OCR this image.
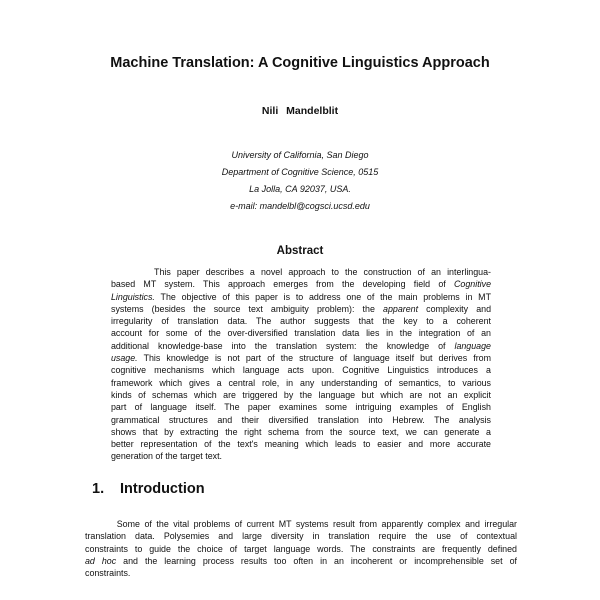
Machine Translation: A Cognitive Linguistics Approach
Nili Mandelblit
University of California, San Diego
Department of Cognitive Science, 0515
La Jolla, CA 92037, USA.
e-mail: mandelbl@cogsci.ucsd.edu
Abstract
This paper describes a novel approach to the construction of an interlingua-
based MT system. This approach emerges from the developing field of Cognitive
Linguistics. The objective of this paper is to address one of the main problems in MT
systems (besides the source text ambiguity problem): the apparent complexity and
irregularity of translation data. The author suggests that the key to a coherent
account for some of the over-diversified translation data lies in the integration of an
additional knowledge-base into the translation system: the knowledge of language
usage. This knowledge is not part of the structure of language itself but derives from
cognitive mechanisms which language acts upon. Cognitive Linguistics introduces a
framework which gives a central role, in any understanding of semantics, to various
kinds of schemas which are triggered by the language but which are not an explicit
part of language itself. The paper examines some intriguing examples of English
grammatical structures and their diversified translation into Hebrew. The analysis
shows that by extracting the right schema from the source text, we can generate a
better representation of the text's meaning which leads to easier and more accurate
generation of the target text.
1. Introduction
Some of the vital problems of current MT systems result from apparently complex and irregular
translation data. Polysemies and large diversity in translation require the use of contextual
constraints to guide the choice of target language words. The constraints are frequently defined
ad hoc and the learning process results too often in an incoherent or incomprehensible set of
constraints.
